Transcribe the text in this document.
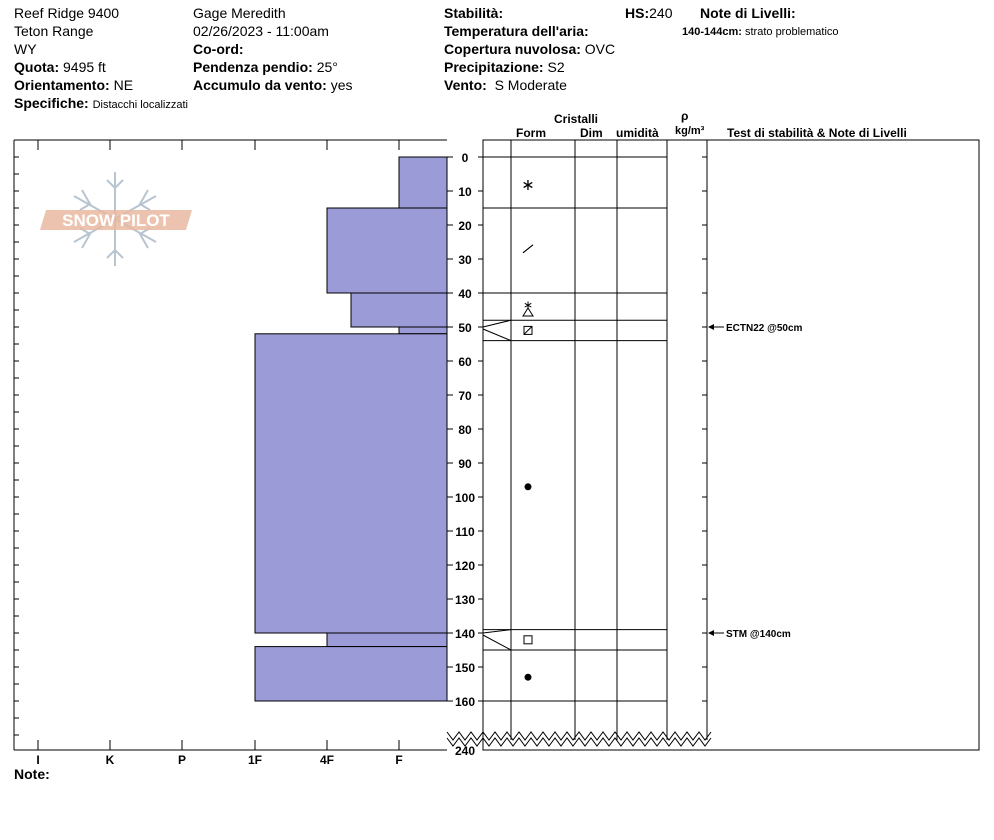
Reef Ridge 9400
Teton Range
WY
Quota: 9495 ft
Orientamento: NE
Specifiche: Distacchi localizzati
Gage Meredith
02/26/2023 - 11:00am
Co-ord:
Pendenza pendio: 25°
Accumulo da vento: yes
Stabilità:
Temperatura dell'aria:
Copertura nuvolosa: OVC
Precipitazione: S2
Vento: S Moderate
HS:240 Note di Livelli:
140-144cm: strato problematico
Cristalli
Form	Dim umidità
ρ
kg/m³ Test di stabilità & Note di Livelli
Note:
SNOW PILOT
I	K	P	1F	4F	F
0
10
20
30
40
50
60
70
80
90
100
110
120
130
140
150
160
240
∗
∗
ECTN22 @50cm
STM @140cm
